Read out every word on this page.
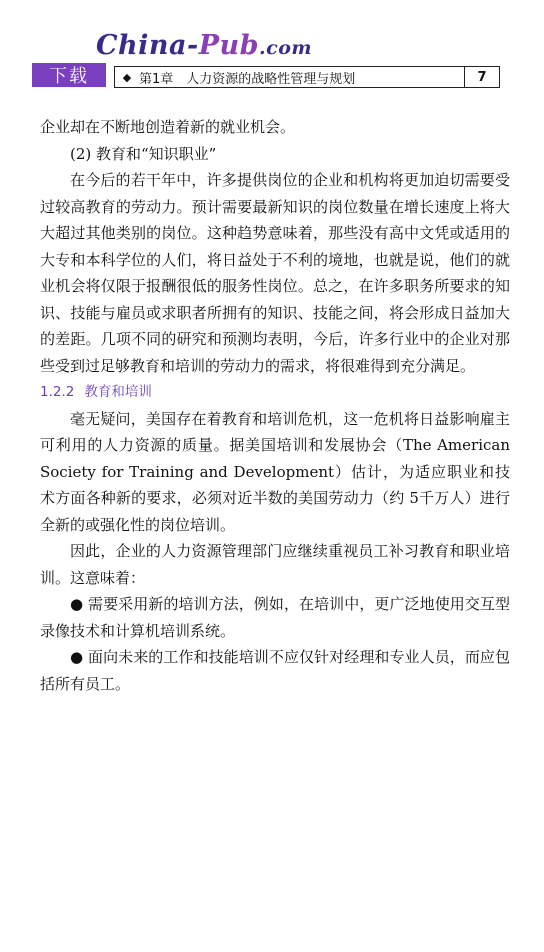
China-Pub.com
下载	◆ 第1章　人力资源的战略性管理与规划	7

企业却在不断地创造着新的就业机会。

(2) 教育和“知识职业”

在今后的若干年中，许多提供岗位的企业和机构将更加迫切需要受过较高教育的劳动力。预计需要最新知识的岗位数量在增长速度上将大大超过其他类别的岗位。这种趋势意味着，那些没有高中文凭或适用的大专和本科学位的人们，将日益处于不利的境地，也就是说，他们的就业机会将仅限于报酬很低的服务性岗位。总之，在许多职务所要求的知识、技能与雇员或求职者所拥有的知识、技能之间，将会形成日益加大的差距。几项不同的研究和预测均表明，今后，许多行业中的企业对那些受到过足够教育和培训的劳动力的需求，将很难得到充分满足。

1.2.2 教育和培训

毫无疑问，美国存在着教育和培训危机，这一危机将日益影响雇主可利用的人力资源的质量。据美国培训和发展协会（The American Society for Training and Development）估计，为适应职业和技术方面各种新的要求，必须对近半数的美国劳动力（约 5千万人）进行全新的或强化性的岗位培训。

因此，企业的人力资源管理部门应继续重视员工补习教育和职业培训。这意味着：

● 需要采用新的培训方法，例如，在培训中，更广泛地使用交互型录像技术和计算机培训系统。

● 面向未来的工作和技能培训不应仅针对经理和专业人员，而应包括所有员工。
